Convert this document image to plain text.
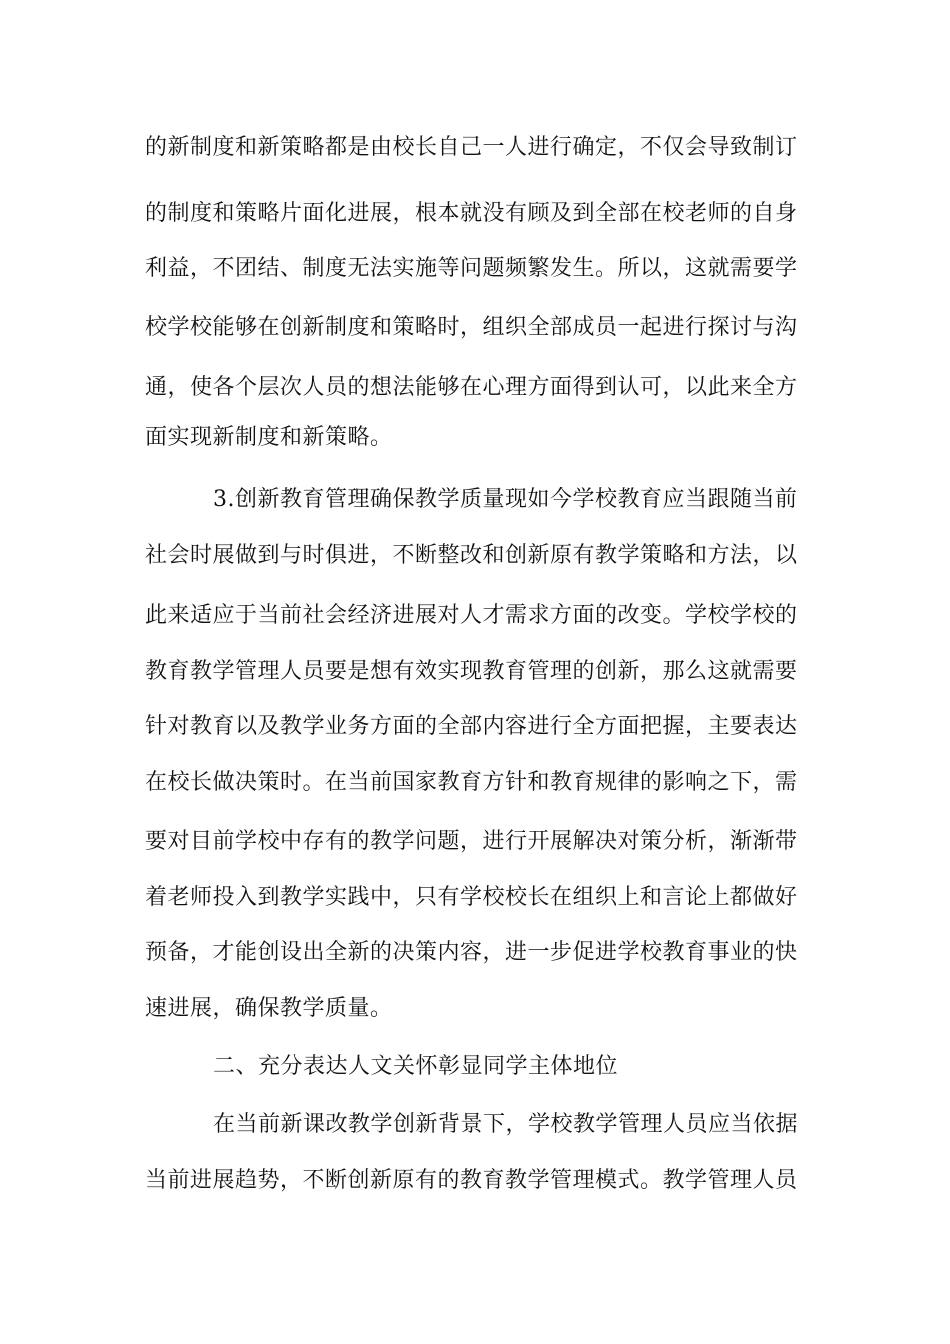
的新制度和新策略都是由校长自己一人进行确定，不仅会导致制订
的制度和策略片面化进展，根本就没有顾及到全部在校老师的自身
利益，不团结、制度无法实施等问题频繁发生。所以，这就需要学
校学校能够在创新制度和策略时，组织全部成员一起进行探讨与沟
通，使各个层次人员的想法能够在心理方面得到认可，以此来全方
面实现新制度和新策略。
3.创新教育管理确保教学质量现如今学校教育应当跟随当前
社会时展做到与时俱进，不断整改和创新原有教学策略和方法，以
此来适应于当前社会经济进展对人才需求方面的改变。学校学校的
教育教学管理人员要是想有效实现教育管理的创新，那么这就需要
针对教育以及教学业务方面的全部内容进行全方面把握，主要表达
在校长做决策时。在当前国家教育方针和教育规律的影响之下，需
要对目前学校中存有的教学问题，进行开展解决对策分析，渐渐带
着老师投入到教学实践中，只有学校校长在组织上和言论上都做好
预备，才能创设出全新的决策内容，进一步促进学校教育事业的快
速进展，确保教学质量。
二、充分表达人文关怀彰显同学主体地位
在当前新课改教学创新背景下，学校教学管理人员应当依据
当前进展趋势，不断创新原有的教育教学管理模式。教学管理人员
